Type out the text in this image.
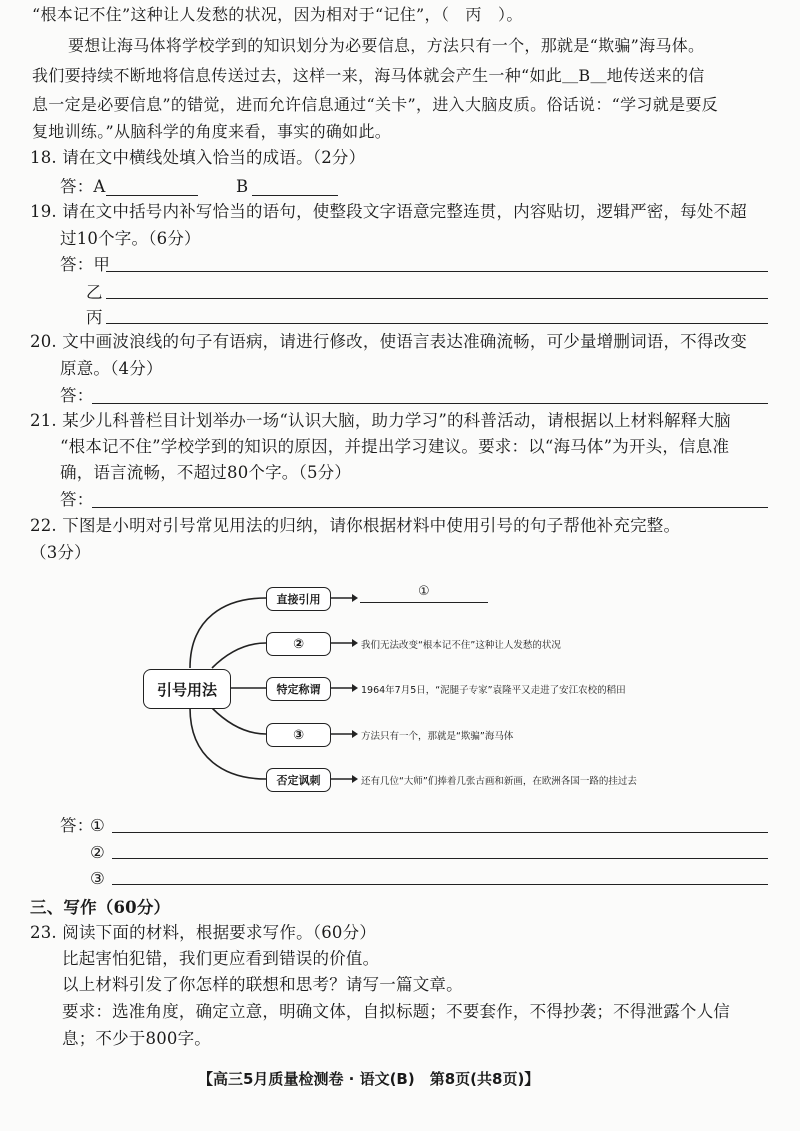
“根本记不住”这种让人发愁的状况，因为相对于“记住”，（　丙　）。
要想让海马体将学校学到的知识划分为必要信息，方法只有一个，那就是“欺骗”海马体。
我们要持续不断地将信息传送过去，这样一来，海马体就会产生一种“如此＿B＿地传送来的信
息一定是必要信息”的错觉，进而允许信息通过“关卡”，进入大脑皮质。俗话说：“学习就是要反
复地训练。”从脑科学的角度来看，事实的确如此。
18. 请在文中横线处填入恰当的成语。（2分）
答：A	B
19. 请在文中括号内补写恰当的语句，使整段文字语意完整连贯，内容贴切，逻辑严密，每处不超
过10个字。（6分）
答：甲
乙
丙
20. 文中画波浪线的句子有语病，请进行修改，使语言表达准确流畅，可少量增删词语，不得改变
原意。（4分）
答：
21. 某少儿科普栏目计划举办一场“认识大脑，助力学习”的科普活动，请根据以上材料解释大脑
“根本记不住”学校学到的知识的原因，并提出学习建议。要求：以“海马体”为开头，信息准
确，语言流畅，不超过80个字。（5分）
答：
22. 下图是小明对引号常见用法的归纳，请你根据材料中使用引号的句子帮他补充完整。
（3分）
引号用法
直接引用
②
特定称谓
③
否定讽刺
①
我们无法改变“根本记不住”这种让人发愁的状况
1964年7月5日，“泥腿子专家”袁隆平又走进了安江农校的稻田
方法只有一个，那就是“欺骗”海马体
还有几位“大师”们捧着几张古画和新画，在欧洲各国一路的挂过去
答：
①
②
③
三、写作（60分）
23. 阅读下面的材料，根据要求写作。（60分）
比起害怕犯错，我们更应看到错误的价值。
以上材料引发了你怎样的联想和思考？请写一篇文章。
要求：选准角度，确定立意，明确文体，自拟标题；不要套作，不得抄袭；不得泄露个人信
息；不少于800字。
【高三5月质量检测卷 · 语文(B)　第8页(共8页)】
